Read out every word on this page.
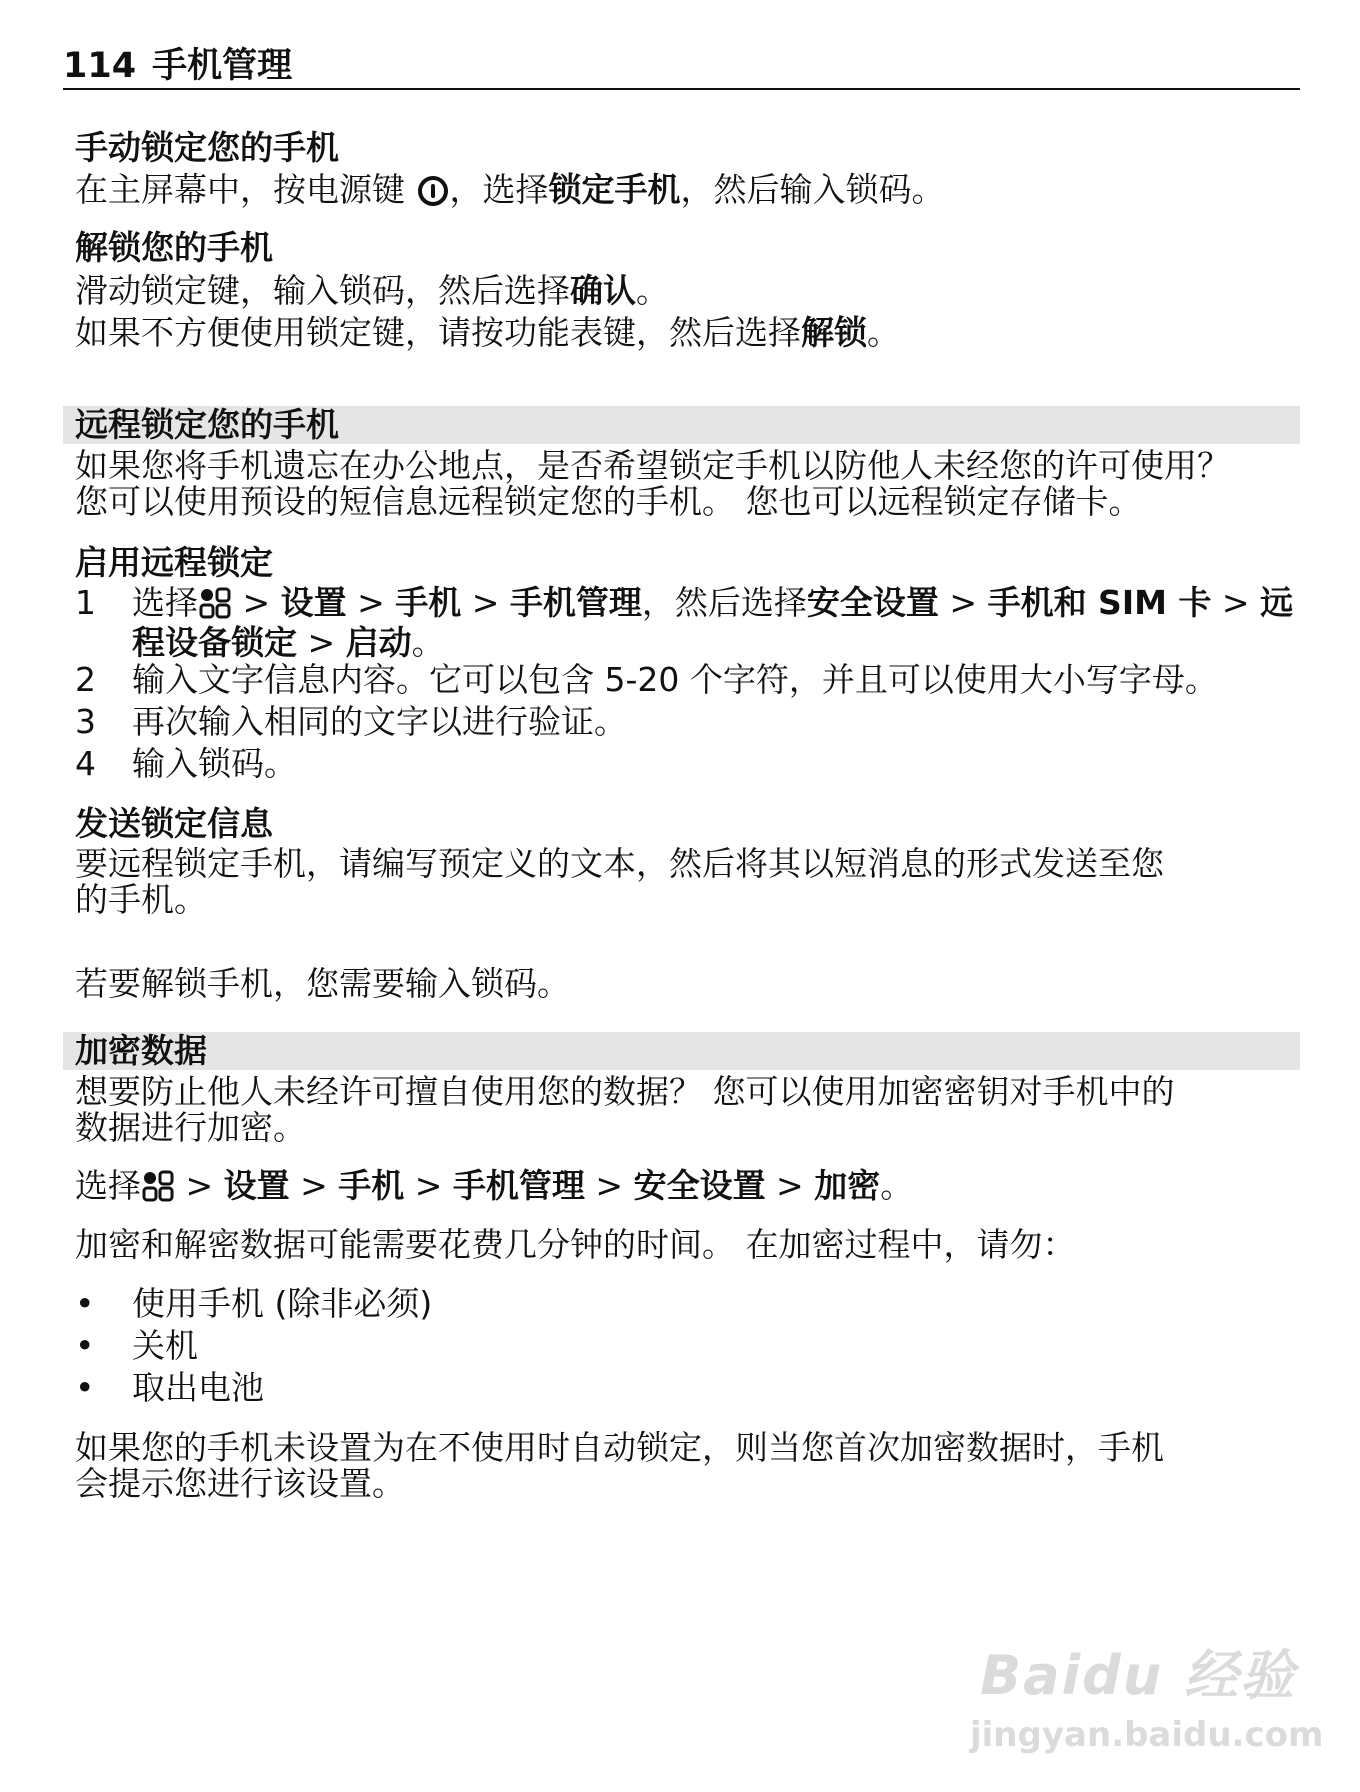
114 手机管理
手动锁定您的手机
在主屏幕中，按电源键 ，选择锁定手机，然后输入锁码。
解锁您的手机
滑动锁定键，输入锁码，然后选择确认。
如果不方便使用锁定键，请按功能表键，然后选择解锁。
远程锁定您的手机
如果您将手机遗忘在办公地点，是否希望锁定手机以防他人未经您的许可使用？
您可以使用预设的短信息远程锁定您的手机。 您也可以远程锁定存储卡。
启用远程锁定
1 选择 > 设置 > 手机 > 手机管理，然后选择安全设置 > 手机和 SIM 卡 > 远程设备锁定 > 启动。
2 输入文字信息内容。它可以包含 5-20 个字符，并且可以使用大小写字母。
3 再次输入相同的文字以进行验证。
4 输入锁码。
发送锁定信息
要远程锁定手机，请编写预定义的文本，然后将其以短消息的形式发送至您
的手机。
若要解锁手机，您需要输入锁码。
加密数据
想要防止他人未经许可擅自使用您的数据？ 您可以使用加密密钥对手机中的
数据进行加密。
选择 > 设置 > 手机 > 手机管理 > 安全设置 > 加密。
加密和解密数据可能需要花费几分钟的时间。 在加密过程中，请勿：
• 使用手机 (除非必须)
• 关机
• 取出电池
如果您的手机未设置为在不使用时自动锁定，则当您首次加密数据时，手机
会提示您进行该设置。
Baidu 经验
jingyan.baidu.com
